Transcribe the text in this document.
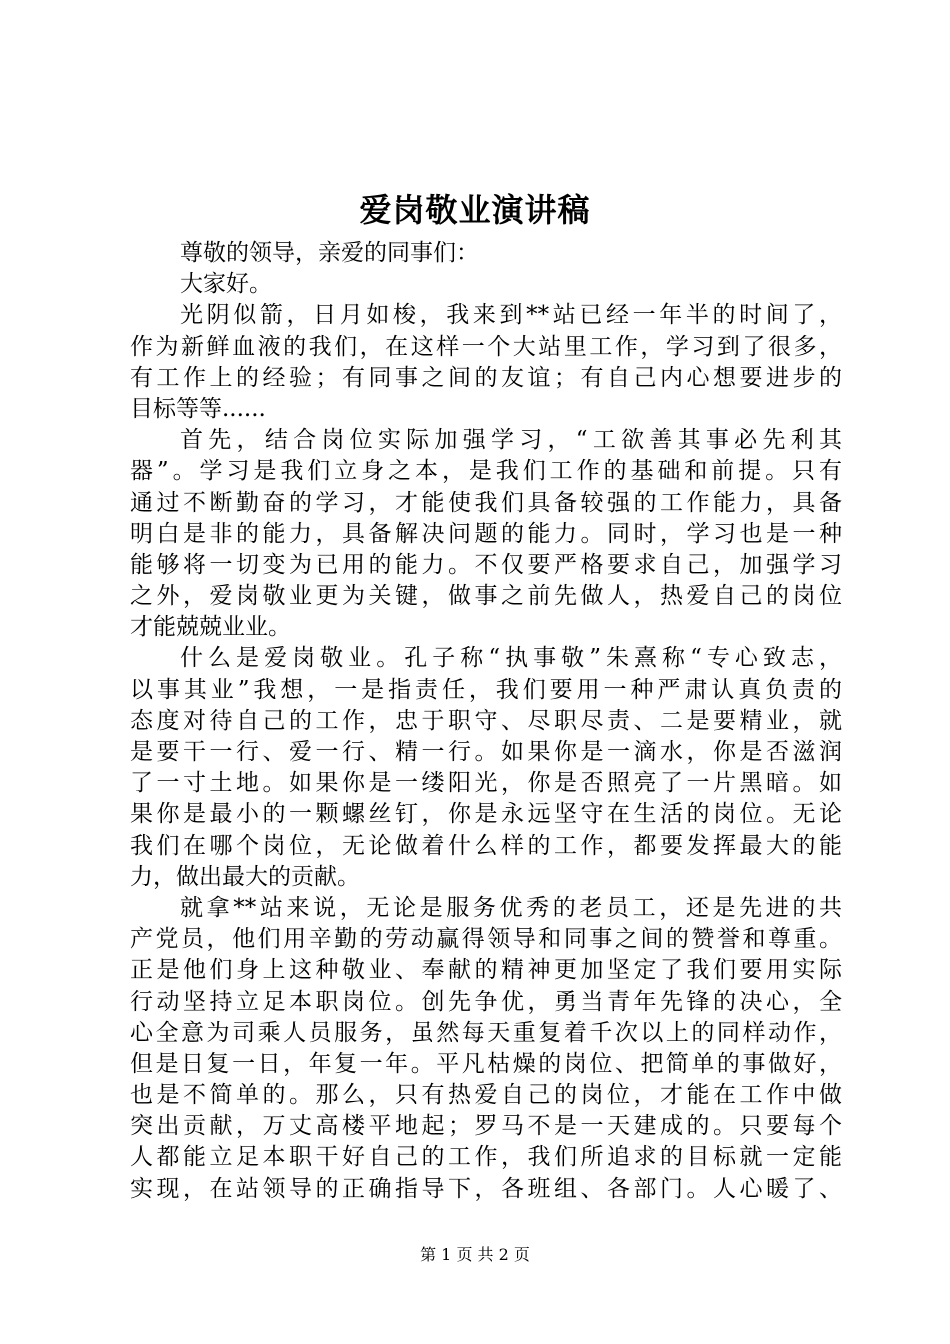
爱岗敬业演讲稿
尊敬的领导，亲爱的同事们：
大家好。
光阴似箭，日月如梭，我来到**站已经一年半的时间了，
作为新鲜血液的我们，在这样一个大站里工作，学习到了很多，
有工作上的经验；有同事之间的友谊；有自己内心想要进步的
目标等等......
首先，结合岗位实际加强学习，“工欲善其事必先利其
器”。学习是我们立身之本，是我们工作的基础和前提。只有
通过不断勤奋的学习，才能使我们具备较强的工作能力，具备
明白是非的能力，具备解决问题的能力。同时，学习也是一种
能够将一切变为已用的能力。不仅要严格要求自己，加强学习
之外，爱岗敬业更为关键，做事之前先做人，热爱自己的岗位
才能兢兢业业。
什么是爱岗敬业。孔子称“执事敬”朱熹称“专心致志，
以事其业”我想，一是指责任，我们要用一种严肃认真负责的
态度对待自己的工作，忠于职守、尽职尽责、二是要精业，就
是要干一行、爱一行、精一行。如果你是一滴水，你是否滋润
了一寸土地。如果你是一缕阳光，你是否照亮了一片黑暗。如
果你是最小的一颗螺丝钉，你是永远坚守在生活的岗位。无论
我们在哪个岗位，无论做着什么样的工作，都要发挥最大的能
力，做出最大的贡献。
就拿**站来说，无论是服务优秀的老员工，还是先进的共
产党员，他们用辛勤的劳动赢得领导和同事之间的赞誉和尊重。
正是他们身上这种敬业、奉献的精神更加坚定了我们要用实际
行动坚持立足本职岗位。创先争优，勇当青年先锋的决心，全
心全意为司乘人员服务，虽然每天重复着千次以上的同样动作，
但是日复一日，年复一年。平凡枯燥的岗位、把简单的事做好，
也是不简单的。那么，只有热爱自己的岗位，才能在工作中做
突出贡献，万丈高楼平地起；罗马不是一天建成的。只要每个
人都能立足本职干好自己的工作，我们所追求的目标就一定能
实现，在站领导的正确指导下，各班组、各部门。人心暖了、
第 1 页 共 2 页
